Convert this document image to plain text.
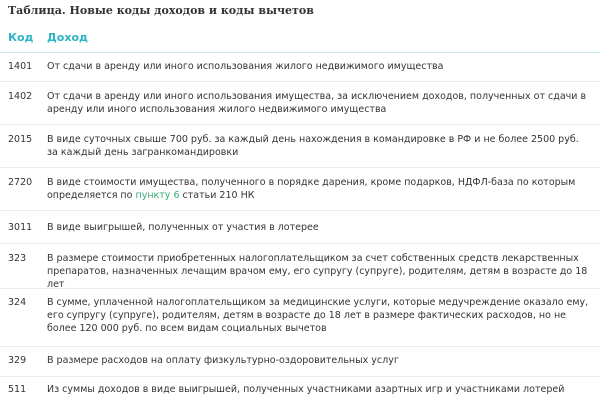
Таблица. Новые коды доходов и коды вычетов
Код Доход
1401 От сдачи в аренду или иного использования жилого недвижимого имущества
1402 От сдачи в аренду или иного использования имущества, за исключением доходов, полученных от сдачи в аренду или иного использования жилого недвижимого имущества
2015 В виде суточных свыше 700 руб. за каждый день нахождения в командировке в РФ и не более 2500 руб. за каждый день загранкомандировки
2720 В виде стоимости имущества, полученного в порядке дарения, кроме подарков, НДФЛ-база по которым определяется по пункту 6 статьи 210 НК
3011 В виде выигрышей, полученных от участия в лотерее
323 В размере стоимости приобретенных налогоплательщиком за счет собственных средств лекарственных препаратов, назначенных лечащим врачом ему, его супругу (супруге), родителям, детям в возрасте до 18 лет
324 В сумме, уплаченной налогоплательщиком за медицинские услуги, которые медучреждение оказало ему, его супругу (супруге), родителям, детям в возрасте до 18 лет в размере фактических расходов, но не более 120 000 руб. по всем видам социальных вычетов
329 В размере расходов на оплату физкультурно-оздоровительных услуг
511 Из суммы доходов в виде выигрышей, полученных участниками азартных игр и участниками лотерей
